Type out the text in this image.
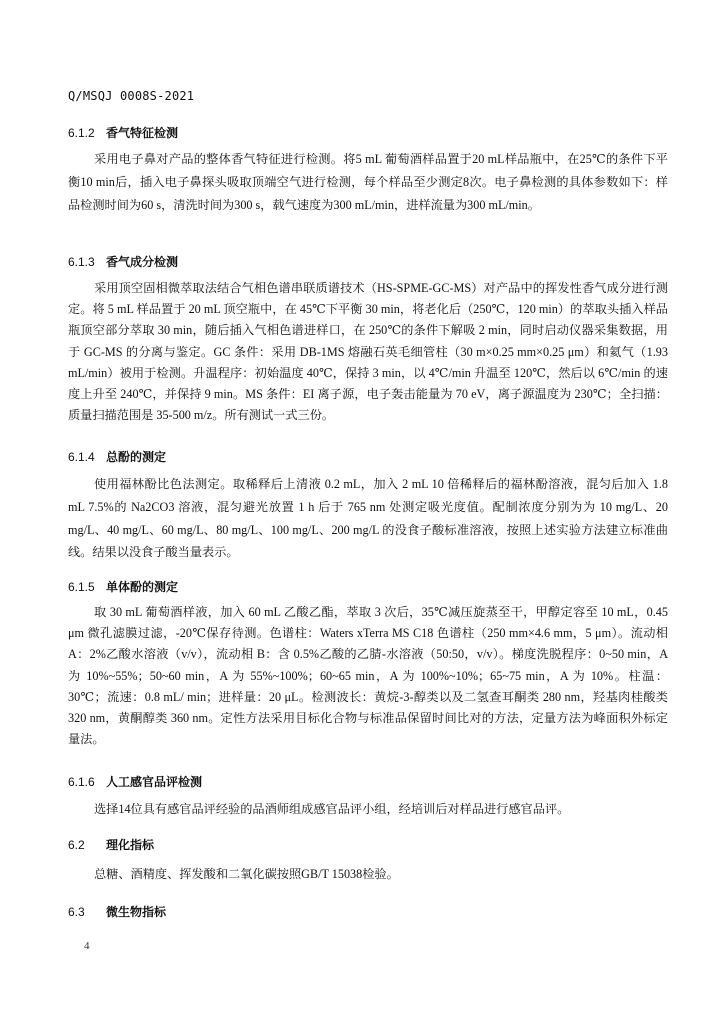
Q/MSQJ 0008S-2021
6.1.2 香气特征检测

采用电子鼻对产品的整体香气特征进行检测。将5 mL 葡萄酒样品置于20 mL样品瓶中，在25℃的条件下平衡10 min后，插入电子鼻探头吸取顶端空气进行检测，每个样品至少测定8次。电子鼻检测的具体参数如下：样品检测时间为60 s，清洗时间为300 s，载气速度为300 mL/min，进样流量为300 mL/min。

6.1.3 香气成分检测

采用顶空固相微萃取法结合气相色谱串联质谱技术（HS-SPME-GC-MS）对产品中的挥发性香气成分进行测定。将 5 mL 样品置于 20 mL 顶空瓶中，在 45℃下平衡 30 min，将老化后（250℃，120 min）的萃取头插入样品瓶顶空部分萃取 30 min，随后插入气相色谱进样口，在 250℃的条件下解吸 2 min，同时启动仪器采集数据，用于 GC-MS 的分离与鉴定。GC 条件：采用 DB-1MS 熔融石英毛细管柱（30 m×0.25 mm×0.25 μm）和氦气（1.93 mL/min）被用于检测。升温程序：初始温度 40℃，保持 3 min，以 4℃/min 升温至 120℃，然后以 6℃/min 的速度上升至 240℃，并保持 9 min。MS 条件：EI 离子源，电子轰击能量为 70 eV，离子源温度为 230℃；全扫描：质量扫描范围是 35-500 m/z。所有测试一式三份。

6.1.4 总酚的测定

使用福林酚比色法测定。取稀释后上清液 0.2 mL，加入 2 mL 10 倍稀释后的福林酚溶液，混匀后加入 1.8 mL 7.5%的 Na2CO3 溶液，混匀避光放置 1 h 后于 765 nm 处测定吸光度值。配制浓度分别为为 10 mg/L、20 mg/L、40 mg/L、60 mg/L、80 mg/L、100 mg/L、200 mg/L 的没食子酸标准溶液，按照上述实验方法建立标准曲线。结果以没食子酸当量表示。

6.1.5 单体酚的测定

取 30 mL 葡萄酒样液，加入 60 mL 乙酸乙酯，萃取 3 次后，35℃减压旋蒸至干，甲醇定容至 10 mL，0.45 μm 微孔滤膜过滤，-20℃保存待测。色谱柱：Waters xTerra MS C18 色谱柱（250 mm×4.6 mm，5 μm）。流动相 A：2%乙酸水溶液（v/v），流动相 B：含 0.5%乙酸的乙腈-水溶液（50:50，v/v）。梯度洗脱程序：0~50 min，A 为 10%~55%；50~60 min，A 为 55%~100%；60~65 min，A 为 100%~10%；65~75 min，A 为 10%。柱温：30℃；流速：0.8 mL/ min；进样量：20 μL。检测波长：黄烷-3-醇类以及二氢查耳酮类 280 nm，羟基肉桂酸类 320 nm，黄酮醇类 360 nm。定性方法采用目标化合物与标准品保留时间比对的方法，定量方法为峰面积外标定量法。

6.1.6 人工感官品评检测

选择14位具有感官品评经验的品酒师组成感官品评小组，经培训后对样品进行感官品评。

6.2 理化指标

总糖、酒精度、挥发酸和二氧化碳按照GB/T 15038检验。

6.3 微生物指标
4
